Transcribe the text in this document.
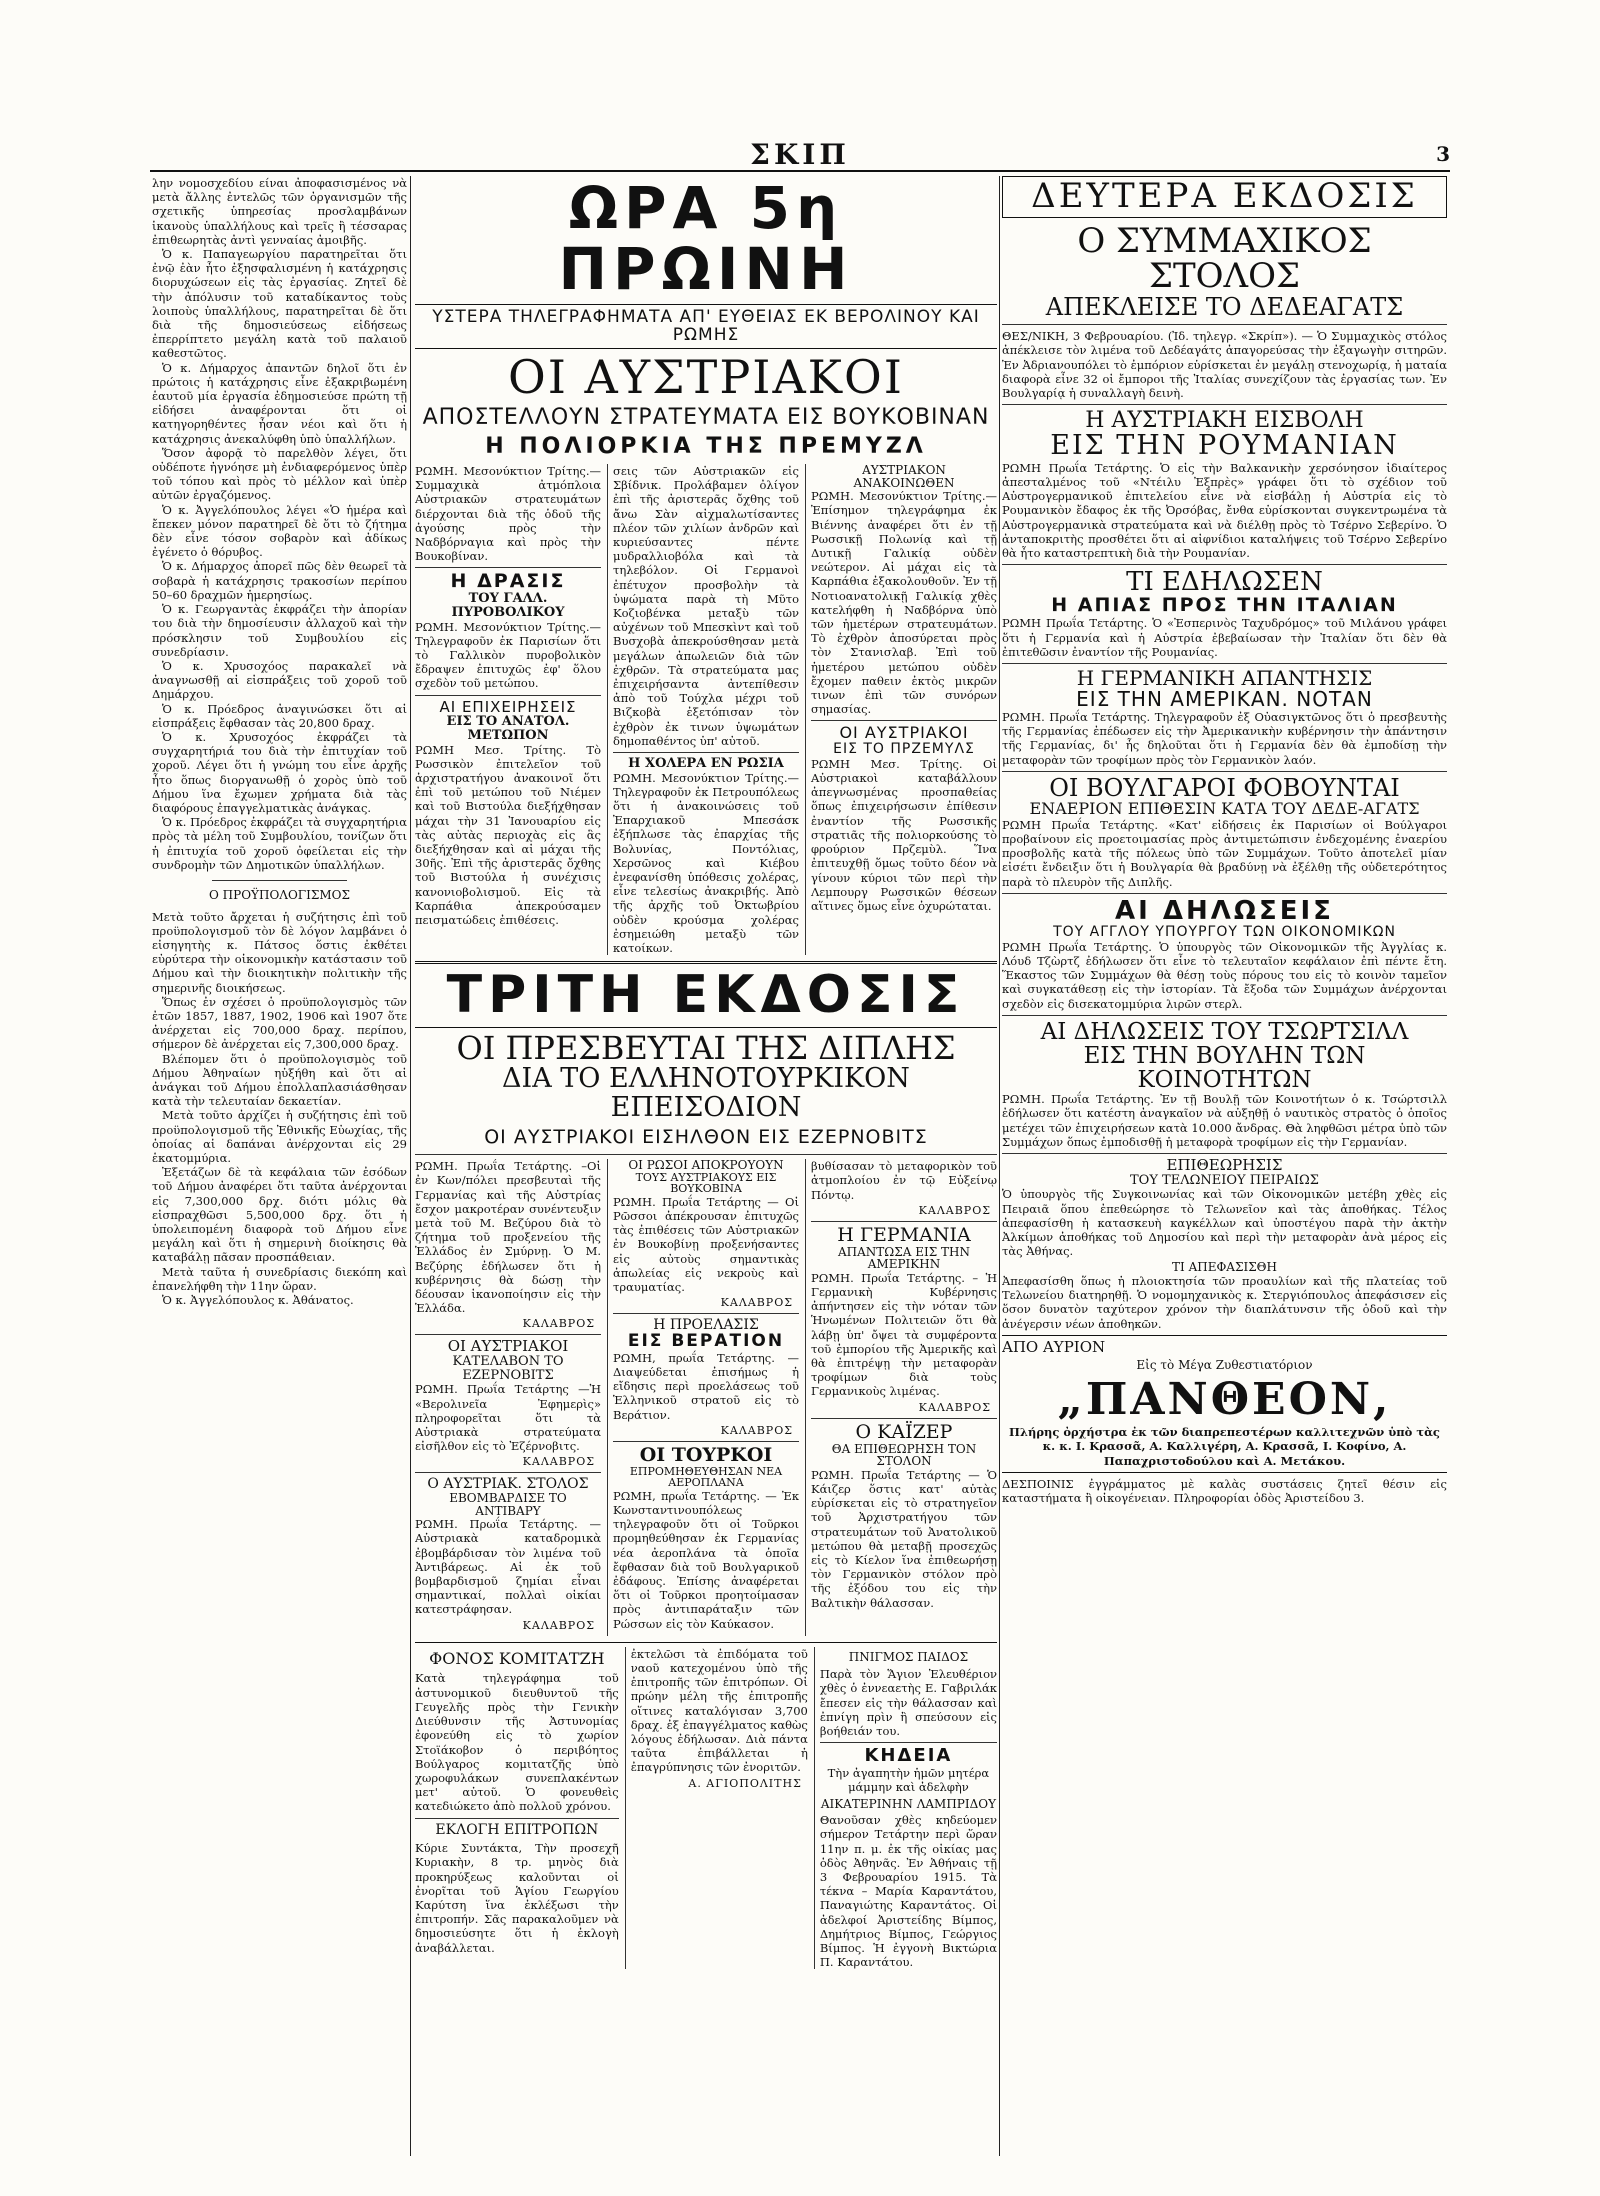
ΣΚΙΠ	3

λην νομοσχεδίου είναι ἀποφασισμένος νὰ μετὰ ἄλλης ἐντελῶς τῶν ὀργανισμῶν τῆς σχετικῆς ὑπηρεσίας προσλαμβάνων ἱκανοὺς ὑπαλλήλους καὶ τρεῖς ἢ τέσσαρας ἐπιθεωρητὰς ἀντὶ γενναίας ἀμοιβῆς.

Ὁ κ. Παπαγεωργίου παρατηρεῖται ὅτι ἐνῷ ἐὰν ἦτο ἐξησφαλισμένη ἡ κατάχρησις διορυχώσεων εἰς τὰς ἐργασίας. Ζητεῖ δὲ τὴν ἀπόλυσιν τοῦ καταδίκαντος τοὺς λοιποὺς ὑπαλλήλους, παρατηρεῖται δὲ ὅτι διὰ τῆς δημοσιεύσεως εἰδήσεως ἐπερρίπτετο μεγάλη κατὰ τοῦ παλαιοῦ καθεστῶτος.

Ὁ κ. Δήμαρχος ἀπαντῶν δηλοῖ ὅτι ἐν πρώτοις ἡ κατάχρησις εἶνε ἐξακριβωμένη ἑαυτοῦ μία ἐργασία ἐδημοσιεύσε πρώτη τῇ εἰδήσει ἀναφέρονται ὅτι οἱ κατηγορηθέντες ἦσαν νέοι καὶ ὅτι ἡ κατάχρησις ἀνεκαλύφθη ὑπὸ ὑπαλλήλων.

Ὅσον ἀφορᾷ τὸ παρελθὸν λέγει, ὅτι οὐδέποτε ἠγνόησε μὴ ἐνδιαφερόμενος ὑπὲρ τοῦ τόπου καὶ πρὸς τὸ μέλλον καὶ ὑπὲρ αὐτῶν ἐργαζόμενος.

Ὁ κ. Ἀγγελόπουλος λέγει «Ὁ ἡμέρα καὶ ἔπεκεν μόνον παρατηρεῖ δὲ ὅτι τὸ ζήτημα δὲν εἶνε τόσον σοβαρὸν καὶ ἀδίκως ἐγένετο ὁ θόρυβος.

Ὁ κ. Δήμαρχος ἀπορεῖ πῶς δὲν θεωρεῖ τὰ σοβαρὰ ἡ κατάχρησις τρακοσίων περίπου 50–60 δραχμῶν ἡμερησίως.

Ὁ κ. Γεωργαντὰς ἐκφράζει τὴν ἀπορίαν του διὰ τὴν δημοσίευσιν ἀλλαχοῦ καὶ τὴν πρόσκλησιν τοῦ Συμβουλίου εἰς συνεδρίασιν.

Ὁ κ. Χρυσοχόος παρακαλεῖ νὰ ἀναγνωσθῇ αἱ εἰσπράξεις τοῦ χοροῦ τοῦ Δημάρχου.

Ὁ κ. Πρόεδρος ἀναγινώσκει ὅτι αἱ εἰσπράξεις ἔφθασαν τὰς 20,800 δραχ.

Ὁ κ. Χρυσοχόος ἐκφράζει τὰ συγχαρητήριά του διὰ τὴν ἐπιτυχίαν τοῦ χοροῦ. Λέγει ὅτι ἡ γνώμη του εἶνε ἀρχῆς ἦτο ὅπως διοργανωθῇ ὁ χορὸς ὑπὸ τοῦ Δήμου ἵνα ἔχωμεν χρήματα διὰ τὰς διαφόρους ἐπαγγελματικὰς ἀνάγκας.

Ὁ κ. Πρόεδρος ἐκφράζει τὰ συγχαρητήρια πρὸς τὰ μέλη τοῦ Συμβουλίου, τονίζων ὅτι ἡ ἐπιτυχία τοῦ χοροῦ ὀφείλεται εἰς τὴν συνδρομὴν τῶν Δημοτικῶν ὑπαλλήλων.

Ο ΠΡΟΫΠΟΛΟΓΙΣΜΟΣ

Μετὰ τοῦτο ἄρχεται ἡ συζήτησις ἐπὶ τοῦ προϋπολογισμοῦ τὸν δὲ λόγον λαμβάνει ὁ εἰσηγητὴς κ. Πάτσος ὅστις ἐκθέτει εὐρύτερα τὴν οἰκονομικὴν κατάστασιν τοῦ Δήμου καὶ τὴν διοικητικὴν πολιτικὴν τῆς σημερινῆς διοικήσεως.

Ὅπως ἐν σχέσει ὁ προϋπολογισμὸς τῶν ἐτῶν 1857, 1887, 1902, 1906 καὶ 1907 ὅτε ἀνέρχεται εἰς 700,000 δραχ. περίπου, σήμερον δὲ ἀνέρχεται εἰς 7,300,000 δραχ.

Βλέπομεν ὅτι ὁ προϋπολογισμὸς τοῦ Δήμου Ἀθηναίων ηὐξήθη καὶ ὅτι αἱ ἀνάγκαι τοῦ Δήμου ἐπολλαπλασιάσθησαν κατὰ τὴν τελευταίαν δεκαετίαν.

Μετὰ τοῦτο ἀρχίζει ἡ συζήτησις ἐπὶ τοῦ προϋπολογισμοῦ τῆς Ἐθνικῆς Εὐωχίας, τῆς ὁποίας αἱ δαπάναι ἀνέρχονται εἰς 29 ἑκατομμύρια.

Ἐξετάζων δὲ τὰ κεφάλαια τῶν ἐσόδων τοῦ Δήμου ἀναφέρει ὅτι ταῦτα ἀνέρχονται εἰς 7,300,000 δρχ. διότι μόλις θὰ εἰσπραχθῶσι 5,500,000 δρχ. ὅτι ἡ ὑπολειπομένη διαφορὰ τοῦ Δήμου εἶνε μεγάλη καὶ ὅτι ἡ σημερινὴ διοίκησις θὰ καταβάλῃ πᾶσαν προσπάθειαν.

Μετὰ ταῦτα ἡ συνεδρίασις διεκόπη καὶ ἐπανελήφθη τὴν 11ην ὥραν.

Ὁ κ. Ἀγγελόπουλος κ. Ἀθάνατος.

ΩΡΑ 5η ΠΡΩΙΝΗ
ΥΣΤΕΡΑ ΤΗΛΕΓΡΑΦΗΜΑΤΑ ΑΠ' ΕΥΘΕΙΑΣ ΕΚ ΒΕΡΟΛΙΝΟΥ ΚΑΙ ΡΩΜΗΣ
ΟΙ ΑΥΣΤΡΙΑΚΟΙ
ΑΠΟΣΤΕΛΛΟΥΝ ΣΤΡΑΤΕΥΜΑΤΑ ΕΙΣ ΒΟΥΚΟΒΙΝΑΝ
Η ΠΟΛΙΟΡΚΙΑ ΤΗΣ ΠΡΕΜΥΖΛ

ΡΩΜΗ. Μεσονύκτιον Τρίτης.— Συμμαχικὰ ἀτμόπλοια Αὐστριακῶν στρατευμάτων διέρχονται διὰ τῆς ὁδοῦ τῆς ἀγούσης πρὸς τὴν Ναδβόρναγια καὶ πρὸς τὴν Βουκοβίναν.

Η ΔΡΑΣΙΣ
ΤΟΥ ΓΑΛΛ. ΠΥΡΟΒΟΛΙΚΟΥ

ΡΩΜΗ. Μεσονύκτιον Τρίτης.— Τηλεγραφοῦν ἐκ Παρισίων ὅτι τὸ Γαλλικὸν πυροβολικὸν ἔδραψεν ἐπιτυχῶς ἐφ' ὅλου σχεδὸν τοῦ μετώπου.

ΑΙ ΕΠΙΧΕΙΡΗΣΕΙΣ
ΕΙΣ ΤΟ ΑΝΑΤΟΛ. ΜΕΤΩΠΟΝ

ΡΩΜΗ Μεσ. Τρίτης. Τὸ Ρωσσικὸν ἐπιτελεῖον τοῦ ἀρχιστρατήγου ἀνακοινοῖ ὅτι ἐπὶ τοῦ μετώπου τοῦ Νιέμεν καὶ τοῦ Βιστούλα διεξήχθησαν μάχαι τὴν 31 Ἰανουαρίου εἰς τὰς αὐτὰς περιοχὰς εἰς ἃς διεξήχθησαν καὶ αἱ μάχαι τῆς 30ῆς. Ἐπὶ τῆς ἀριστερᾶς ὄχθης τοῦ Βιστούλα ἡ συνέχισις κανονιοβολισμοῦ. Εἰς τὰ Καρπάθια ἀπεκρούσαμεν πεισματώδεις ἐπιθέσεις.

σεις τῶν Αὐστριακῶν εἰς Σβίδνικ. Προλάβαμεν ὀλίγον ἐπὶ τῆς ἀριστερᾶς ὄχθης τοῦ ἄνω Σὰν αἰχμαλωτίσαντες πλέον τῶν χιλίων ἀνδρῶν καὶ κυριεύσαντες πέντε μυδραλλιοβόλα καὶ τὰ τηλεβόλον. Οἱ Γερμανοὶ ἐπέτυχον προσβολὴν τὰ ὑψώματα παρὰ τὴ Μῦτο Κοζιοβένκα μεταξὺ τῶν αὐχένων τοῦ Μπεσκὶντ καὶ τοῦ Βυσχοβὰ ἀπεκρούσθησαν μετὰ μεγάλων ἀπωλειῶν διὰ τῶν ἐχθρῶν. Τὰ στρατεύματα μας ἐπιχειρήσαντα ἀντεπίθεσιν ἀπὸ τοῦ Τούχλα μέχρι τοῦ Βιζκοβὰ ἐξετόπισαν τὸν ἐχθρὸν ἐκ τινων ὑψωμάτων δημοπαθέντος ὑπ' αὐτοῦ.

Η ΧΟΛΕΡΑ ΕΝ ΡΩΣΙΑ

ΡΩΜΗ. Μεσονύκτιον Τρίτης.— Τηλεγραφοῦν ἐκ Πετρουπόλεως ὅτι ἡ ἀνακοινώσεις τοῦ Ἐπαρχιακοῦ Μπεσάσκ ἐξήπλωσε τὰς ἐπαρχίας τῆς Βολυνίας, Ποντόλιας, Χερσῶνος καὶ Κιέβου ἐνεφανίσθη ὑπόθεσις χολέρας, εἶνε τελεσίως ἀνακριβής. Ἀπὸ τῆς ἀρχῆς τοῦ Ὀκτωβρίου οὐδὲν κρούσμα χολέρας ἐσημειώθη μεταξὺ τῶν κατοίκων.

ΑΥΣΤΡΙΑΚΟΝ ΑΝΑΚΟΙΝΩΘΕΝ

ΡΩΜΗ. Μεσονύκτιον Τρίτης.— Ἐπίσημον τηλεγράφημα ἐκ Βιέννης ἀναφέρει ὅτι ἐν τῇ Ρωσσικῇ Πολωνίᾳ καὶ τῇ Δυτικῇ Γαλικίᾳ οὐδὲν νεώτερον. Αἱ μάχαι εἰς τὰ Καρπάθια ἐξακολουθοῦν. Ἐν τῇ Νοτιοανατολικῇ Γαλικίᾳ χθὲς κατελήφθη ἡ Ναδβόρνα ὑπὸ τῶν ἡμετέρων στρατευμάτων. Τὸ ἐχθρὸν ἀποσύρεται πρὸς τὸν Στανισλαβ. Ἐπὶ τοῦ ἡμετέρου μετώπου οὐδὲν ἔχομεν παθειν ἐκτὸς μικρῶν τινων ἐπὶ τῶν συνόρων σημασίας.

ΟΙ ΑΥΣΤΡΙΑΚΟΙ
ΕΙΣ ΤΟ ΠΡΖΕΜΥΛΣ

ΡΩΜΗ Μεσ. Τρίτης. Οἱ Αὐστριακοὶ καταβάλλουν ἀπεγνωσμένας προσπαθείας ὅπως ἐπιχειρήσωσιν ἐπίθεσιν ἐναντίον τῆς Ρωσσικῆς στρατιᾶς τῆς πολιορκούσης τὸ φρούριον Πρζεμὺλ. Ἵνα ἐπιτευχθῇ ὅμως τοῦτο δέον νὰ γίνουν κύριοι τῶν περὶ τὴν Λεμπουργ Ρωσσικῶν θέσεων αἵτινες ὅμως εἶνε ὀχυρώταται.

ΤΡΙΤΗ ΕΚΔΟΣΙΣ
ΟΙ ΠΡΕΣΒΕΥΤΑΙ ΤΗΣ ΔΙΠΛΗΣ
ΔΙΑ ΤΟ ΕΛΛΗΝΟΤΟΥΡΚΙΚΟΝ ΕΠΕΙΣΟΔΙΟΝ
ΟΙ ΑΥΣΤΡΙΑΚΟΙ ΕΙΣΗΛΘΟΝ ΕΙΣ ΕΖΕΡΝΟΒΙΤΣ

ΡΩΜΗ. Πρωΐα Τετάρτης. –Οἱ ἐν Κων/πόλει πρεσβευταὶ τῆς Γερμανίας καὶ τῆς Αὐστρίας ἔσχον μακροτέραν συνέντευξιν μετὰ τοῦ Μ. Βεζύρου διὰ τὸ ζήτημα τοῦ προξενείου τῆς Ἑλλάδος ἐν Σμύρνῃ. Ὁ Μ. Βεζύρης ἐδήλωσεν ὅτι ἡ κυβέρνησις θὰ δώσῃ τὴν δέουσαν ἱκανοποίησιν εἰς τὴν Ἑλλάδα.

ΚΑΛΑΒΡΟΣ
ΟΙ ΑΥΣΤΡΙΑΚΟΙ
ΚΑΤΕΛΑΒΟΝ ΤΟ ΕΖΕΡΝΟΒΙΤΣ

ΡΩΜΗ. Πρωΐα Τετάρτης —Ἡ «Βερολινεῖα Ἐφημερὶς» πληροφορεῖται ὅτι τὰ Αὐστριακὰ στρατεύματα εἰσῆλθον εἰς τὸ Ἐζέρνοβιτς.

ΚΑΛΑΒΡΟΣ
Ο ΑΥΣΤΡΙΑΚ. ΣΤΟΛΟΣ
ΕΒΟΜΒΑΡΔΙΣΕ ΤΟ ΑΝΤΙΒΑΡΥ

ΡΩΜΗ. Πρωΐα Τετάρτης. — Αὐστριακὰ καταδρομικὰ ἐβομβάρδισαν τὸν λιμένα τοῦ Ἀντιβάρεως. Αἱ ἐκ τοῦ βομβαρδισμοῦ ζημίαι εἶναι σημαντικαί, πολλαὶ οἰκίαι κατεστράφησαν.

ΚΑΛΑΒΡΟΣ
ΟΙ ΡΩΣΟΙ ΑΠΟΚΡΟΥΟΥΝ
ΤΟΥΣ ΑΥΣΤΡΙΑΚΟΥΣ ΕΙΣ ΒΟΥΚΟΒΙΝΑ

ΡΩΜΗ. Πρωΐα Τετάρτης — Οἱ Ρῶσσοι ἀπέκρουσαν ἐπιτυχῶς τὰς ἐπιθέσεις τῶν Αὐστριακῶν ἐν Βουκοβίνῃ προξενήσαντες εἰς αὐτοὺς σημαντικὰς ἀπωλείας εἰς νεκροὺς καὶ τραυματίας.

ΚΑΛΑΒΡΟΣ
Η ΠΡΟΕΛΑΣΙΣ
ΕΙΣ ΒΕΡΑΤΙΟΝ

ΡΩΜΗ, πρωΐα Τετάρτης. — Διαψεύδεται ἐπισήμως ἡ εἴδησις περὶ προελάσεως τοῦ Ἑλληνικοῦ στρατοῦ εἰς τὸ Βεράτιον.

ΚΑΛΑΒΡΟΣ
ΟΙ ΤΟΥΡΚΟΙ
ΕΠΡΟΜΗΘΕΥΘΗΣΑΝ ΝΕΑ ΑΕΡΟΠΛΑΝΑ

ΡΩΜΗ, πρωΐα Τετάρτης. — Ἐκ Κωνσταντινουπόλεως τηλεγραφοῦν ὅτι οἱ Τοῦρκοι προμηθεύθησαν ἐκ Γερμανίας νέα ἀεροπλάνα τὰ ὁποῖα ἔφθασαν διὰ τοῦ Βουλγαρικοῦ ἐδάφους. Ἐπίσης ἀναφέρεται ὅτι οἱ Τοῦρκοι προητοίμασαν πρὸς ἀντιπαράταξιν τῶν Ρώσσων εἰς τὸν Καύκασον.

βυθίσασαν τὸ μεταφορικὸν τοῦ ἀτμοπλοίου ἐν τῷ Εὐξείνῳ Πόντῳ.

ΚΑΛΑΒΡΟΣ
Η ΓΕΡΜΑΝΙΑ
ΑΠΑΝΤΩΣΑ ΕΙΣ ΤΗΝ ΑΜΕΡΙΚΗΝ

ΡΩΜΗ. Πρωΐα Τετάρτης. – Ἡ Γερμανικὴ Κυβέρνησις ἀπήντησεν εἰς τὴν νόταν τῶν Ἡνωμένων Πολιτειῶν ὅτι θὰ λάβῃ ὑπ' ὄψει τὰ συμφέροντα τοῦ ἐμπορίου τῆς Ἀμερικῆς καὶ θὰ ἐπιτρέψῃ τὴν μεταφορὰν τροφίμων διὰ τοὺς Γερμανικοὺς λιμένας.

ΚΑΛΑΒΡΟΣ
Ο ΚΑΪΖΕΡ
ΘΑ ΕΠΙΘΕΩΡΗΣΗ ΤΟΝ ΣΤΟΛΟΝ

ΡΩΜΗ. Πρωΐα Τετάρτης — Ὁ Κάιζερ ὅστις κατ' αὐτὰς εὑρίσκεται εἰς τὸ στρατηγεῖον τοῦ Ἀρχιστρατήγου τῶν στρατευμάτων τοῦ Ἀνατολικοῦ μετώπου θὰ μεταβῇ προσεχῶς εἰς τὸ Κίελον ἵνα ἐπιθεωρήσῃ τὸν Γερμανικὸν στόλον πρὸ τῆς ἐξόδου του εἰς τὴν Βαλτικὴν θάλασσαν.

ΦΟΝΟΣ ΚΟΜΙΤΑΤΖΗ

Κατὰ τηλεγράφημα τοῦ ἀστυνομικοῦ διευθυντοῦ τῆς Γευγελῆς πρὸς τὴν Γενικὴν Διεύθυνσιν τῆς Ἀστυνομίας ἐφονεύθη εἰς τὸ χωρίον Στοϊάκοβον ὁ περιβόητος Βούλγαρος κομιτατζῆς ὑπὸ χωροφυλάκων συνεπλακέντων μετ' αὐτοῦ. Ὁ φονευθεὶς κατεδιώκετο ἀπὸ πολλοῦ χρόνου.

ΕΚΛΟΓΗ ΕΠΙΤΡΟΠΩΝ

Κύριε Συντάκτα, Τὴν προσεχῆ Κυριακὴν, 8 τρ. μηνὸς διὰ προκηρύξεως καλοῦνται οἱ ἐνορῖται τοῦ Ἁγίου Γεωργίου Καρύτση ἵνα ἐκλέξωσι τὴν ἐπιτροπήν. Σᾶς παρακαλοῦμεν νὰ δημοσιεύσητε ὅτι ἡ ἐκλογὴ ἀναβάλλεται.

ἐκτελῶσι τὰ ἐπιδόματα τοῦ ναοῦ κατεχομένου ὑπὸ τῆς ἐπιτροπῆς τῶν ἐπιτρόπων. Οἱ πρώην μέλη τῆς ἐπιτροπῆς οἵτινες καταλόγισαν 3,700 δραχ. ἐξ ἐπαγγέλματος καθὼς λόγους ἐδήλωσαν. Διὰ πάντα ταῦτα ἐπιβάλλεται ἡ ἐπαγρύπνησις τῶν ἐνοριτῶν.

Α. ΑΓΙΟΠΟΛΙΤΗΣ
ΠΝΙΓΜΟΣ ΠΑΙΔΟΣ

Παρὰ τὸν Ἅγιον Ἐλευθέριον χθὲς ὁ ἐννεαετὴς Ε. Γαβριλάκ ἔπεσεν εἰς τὴν θάλασσαν καὶ ἐπνίγη πρὶν ἢ σπεύσουν εἰς βοήθειάν του.

ΚΗΔΕΙΑ

Τὴν ἀγαπητὴν ἡμῶν μητέρα μάμμην καὶ ἀδελφὴν

ΑΙΚΑΤΕΡΙΝΗΝ ΛΑΜΠΡΙΔΟΥ

Θανοῦσαν χθὲς κηδεύομεν σήμερον Τετάρτην περὶ ὥραν 11ην π. μ. ἐκ τῆς οἰκίας μας ὁδὸς Ἀθηνᾶς. Ἐν Ἀθήναις τῇ 3 Φεβρουαρίου 1915. Τὰ τέκνα – Μαρία Καραντάτου, Παναγιώτης Καραντάτος. Οἱ ἀδελφοί Ἀριστείδης Βίμπος, Δημήτριος Βίμπος, Γεώργιος Βίμπος. Ἡ ἐγγονὴ Βικτώρια Π. Καραντάτου.

ΔΕΥΤΕΡΑ ΕΚΔΟΣΙΣ
Ο ΣΥΜΜΑΧΙΚΟΣ ΣΤΟΛΟΣ
ΑΠΕΚΛΕΙΣΕ ΤΟ ΔΕΔΕΑΓΑΤΣ

ΘΕΣ/ΝΙΚΗ, 3 Φεβρουαρίου. (Ἰδ. τηλεγρ. «Σκρίπ»). — Ὁ Συμμαχικὸς στόλος ἀπέκλεισε τὸν λιμένα τοῦ Δεδέαγάτς ἀπαγορεύσας τὴν ἐξαγωγὴν σιτηρῶν. Ἐν Ἀδριανουπόλει τὸ ἐμπόριον εὑρίσκεται ἐν μεγάλῃ στενοχωρίᾳ, ἡ ματαία διαφορὰ εἶνε 32 οἱ ἔμποροι τῆς Ἰταλίας συνεχίζουν τὰς ἐργασίας των. Ἐν Βουλγαρίᾳ ἡ συναλλαγὴ δεινὴ.

Η ΑΥΣΤΡΙΑΚΗ ΕΙΣΒΟΛΗ
ΕΙΣ ΤΗΝ ΡΟΥΜΑΝΙΑΝ

ΡΩΜΗ Πρωΐα Τετάρτης. Ὁ εἰς τὴν Βαλκανικὴν χερσόνησον ἰδιαίτερος ἀπεσταλμένος τοῦ «Ντέιλυ Ἐξπρὲς» γράφει ὅτι τὸ σχέδιον τοῦ Αὐστρογερμανικοῦ ἐπιτελείου εἶνε νὰ εἰσβάλῃ ἡ Αὐστρία εἰς τὸ Ρουμανικὸν ἔδαφος ἐκ τῆς Ὀρσόβας, ἔνθα εὑρίσκονται συγκεντρωμένα τὰ Αὐστρογερμανικὰ στρατεύματα καὶ νὰ διέλθῃ πρὸς τὸ Τσέρνο Σεβερίνο. Ὁ ἀνταποκριτὴς προσθέτει ὅτι αἱ αἰφνίδιοι καταλήψεις τοῦ Τσέρνο Σεβερίνο θὰ ἦτο καταστρεπτικὴ διὰ τὴν Ρουμανίαν.

ΤΙ ΕΔΗΛΩΣΕΝ
Η ΑΠΙΑΣ ΠΡΟΣ ΤΗΝ ΙΤΑΛΙΑΝ

ΡΩΜΗ Πρωΐα Τετάρτης. Ὁ «Ἐσπερινὸς Ταχυδρόμος» τοῦ Μιλάνου γράφει ὅτι ἡ Γερμανία καὶ ἡ Αὐστρία ἐβεβαίωσαν τὴν Ἰταλίαν ὅτι δὲν θὰ ἐπιτεθῶσιν ἐναντίον τῆς Ρουμανίας.

Η ΓΕΡΜΑΝΙΚΗ ΑΠΑΝΤΗΣΙΣ
ΕΙΣ ΤΗΝ ΑΜΕΡΙΚΑΝ. ΝΟΤΑΝ

ΡΩΜΗ. Πρωΐα Τετάρτης. Τηλεγραφοῦν ἐξ Οὐασιγκτῶνος ὅτι ὁ πρεσβευτὴς τῆς Γερμανίας ἐπέδωσεν εἰς τὴν Ἀμερικανικὴν κυβέρνησιν τὴν ἀπάντησιν τῆς Γερμανίας, δι' ἧς δηλοῦται ὅτι ἡ Γερμανία δὲν θὰ ἐμποδίσῃ τὴν μεταφορὰν τῶν τροφίμων πρὸς τὸν Γερμανικὸν λαόν.

ΟΙ ΒΟΥΛΓΑΡΟΙ ΦΟΒΟΥΝΤΑΙ
ΕΝΑΕΡΙΟΝ ΕΠΙΘΕΣΙΝ ΚΑΤΑ ΤΟΥ ΔΕΔΕ-ΑΓΑΤΣ

ΡΩΜΗ Πρωΐα Τετάρτης. «Κατ' εἰδήσεις ἐκ Παρισίων οἱ Βούλγαροι προβαίνουν εἰς προετοιμασίας πρὸς ἀντιμετώπισιν ἐνδεχομένης ἐναερίου προσβολῆς κατὰ τῆς πόλεως ὑπὸ τῶν Συμμάχων. Τοῦτο ἀποτελεῖ μίαν εἰσέτι ἔνδειξιν ὅτι ἡ Βουλγαρία θὰ βραδύνῃ νὰ ἐξέλθῃ τῆς οὐδετερότητος παρὰ τὸ πλευρὸν τῆς Διπλῆς.

ΑΙ ΔΗΛΩΣΕΙΣ
ΤΟΥ ΑΓΓΛΟΥ ΥΠΟΥΡΓΟΥ ΤΩΝ ΟΙΚΟΝΟΜΙΚΩΝ

ΡΩΜΗ Πρωΐα Τετάρτης. Ὁ ὑπουργὸς τῶν Οἰκονομικῶν τῆς Ἀγγλίας κ. Λόυδ Τζὼρτζ ἐδήλωσεν ὅτι εἶνε τὸ τελευταῖον κεφάλαιον ἐπὶ πέντε ἔτη. Ἕκαστος τῶν Συμμάχων θὰ θέσῃ τοὺς πόρους του εἰς τὸ κοινὸν ταμεῖον καὶ συγκατάθεσῃ εἰς τὴν ἱστορίαν. Τὰ ἔξοδα τῶν Συμμάχων ἀνέρχονται σχεδὸν εἰς δισεκατομμύρια λιρῶν στερλ.

ΑΙ ΔΗΛΩΣΕΙΣ ΤΟΥ ΤΣΩΡΤΣΙΛΛ
ΕΙΣ ΤΗΝ ΒΟΥΛΗΝ ΤΩΝ ΚΟΙΝΟΤΗΤΩΝ

ΡΩΜΗ. Πρωΐα Τετάρτης. Ἐν τῇ Βουλῇ τῶν Κοινοτήτων ὁ κ. Τσώρτσιλλ ἐδήλωσεν ὅτι κατέστη ἀναγκαῖον νὰ αὐξηθῇ ὁ ναυτικὸς στρατὸς ὁ ὁποῖος μετέχει τῶν ἐπιχειρήσεων κατὰ 10.000 ἄνδρας. Θὰ ληφθῶσι μέτρα ὑπὸ τῶν Συμμάχων ὅπως ἐμποδισθῇ ἡ μεταφορὰ τροφίμων εἰς τὴν Γερμανίαν.

ΕΠΙΘΕΩΡΗΣΙΣ
ΤΟΥ ΤΕΛΩΝΕΙΟΥ ΠΕΙΡΑΙΩΣ

Ὁ ὑπουργὸς τῆς Συγκοινωνίας καὶ τῶν Οἰκονομικῶν μετέβη χθὲς εἰς Πειραιᾶ ὅπου ἐπεθεώρησε τὸ Τελωνεῖον καὶ τὰς ἀποθήκας. Τέλος ἀπεφασίσθη ἡ κατασκευὴ καγκέλλων καὶ ὑποστέγου παρὰ τὴν ἀκτὴν Ἀλκίμων ἀποθήκας τοῦ Δημοσίου καὶ περὶ τὴν μεταφορὰν ἀνὰ μέρος εἰς τὰς Ἀθήνας.

ΤΙ ΑΠΕΦΑΣΙΣΘΗ

Ἀπεφασίσθη ὅπως ἡ πλοιοκτησία τῶν προαυλίων καὶ τῆς πλατείας τοῦ Τελωνείου διατηρηθῇ. Ὁ νομομηχανικὸς κ. Στεργιόπουλος ἀπεφάσισεν εἰς ὅσον δυνατὸν ταχύτερον χρόνον τὴν διαπλάτυνσιν τῆς ὁδοῦ καὶ τὴν ἀνέγερσιν νέων ἀποθηκῶν.

ΑΠΟ ΑΥΡΙΟΝ
Εἰς τὸ Μέγα Ζυθεστιατόριον
„ΠΑΝΘΕΟΝ,

Πλήρης ὀρχήστρα ἐκ τῶν διαπρεπεστέρων καλλιτεχνῶν ὑπὸ τὰς κ. κ. Ι. Κρασσᾶ, Α. Καλλιγέρη, Α. Κρασσᾶ, Ι. Κοφίνο, Α. Παπαχριστοδούλου καὶ Α. Μετάκου.

ΔΕΣΠΟΙΝΙΣ ἐγγράμματος μὲ καλὰς συστάσεις ζητεῖ θέσιν εἰς καταστήματα ἢ οἰκογένειαν. Πληροφορίαι ὁδὸς Ἀριστείδου 3.
